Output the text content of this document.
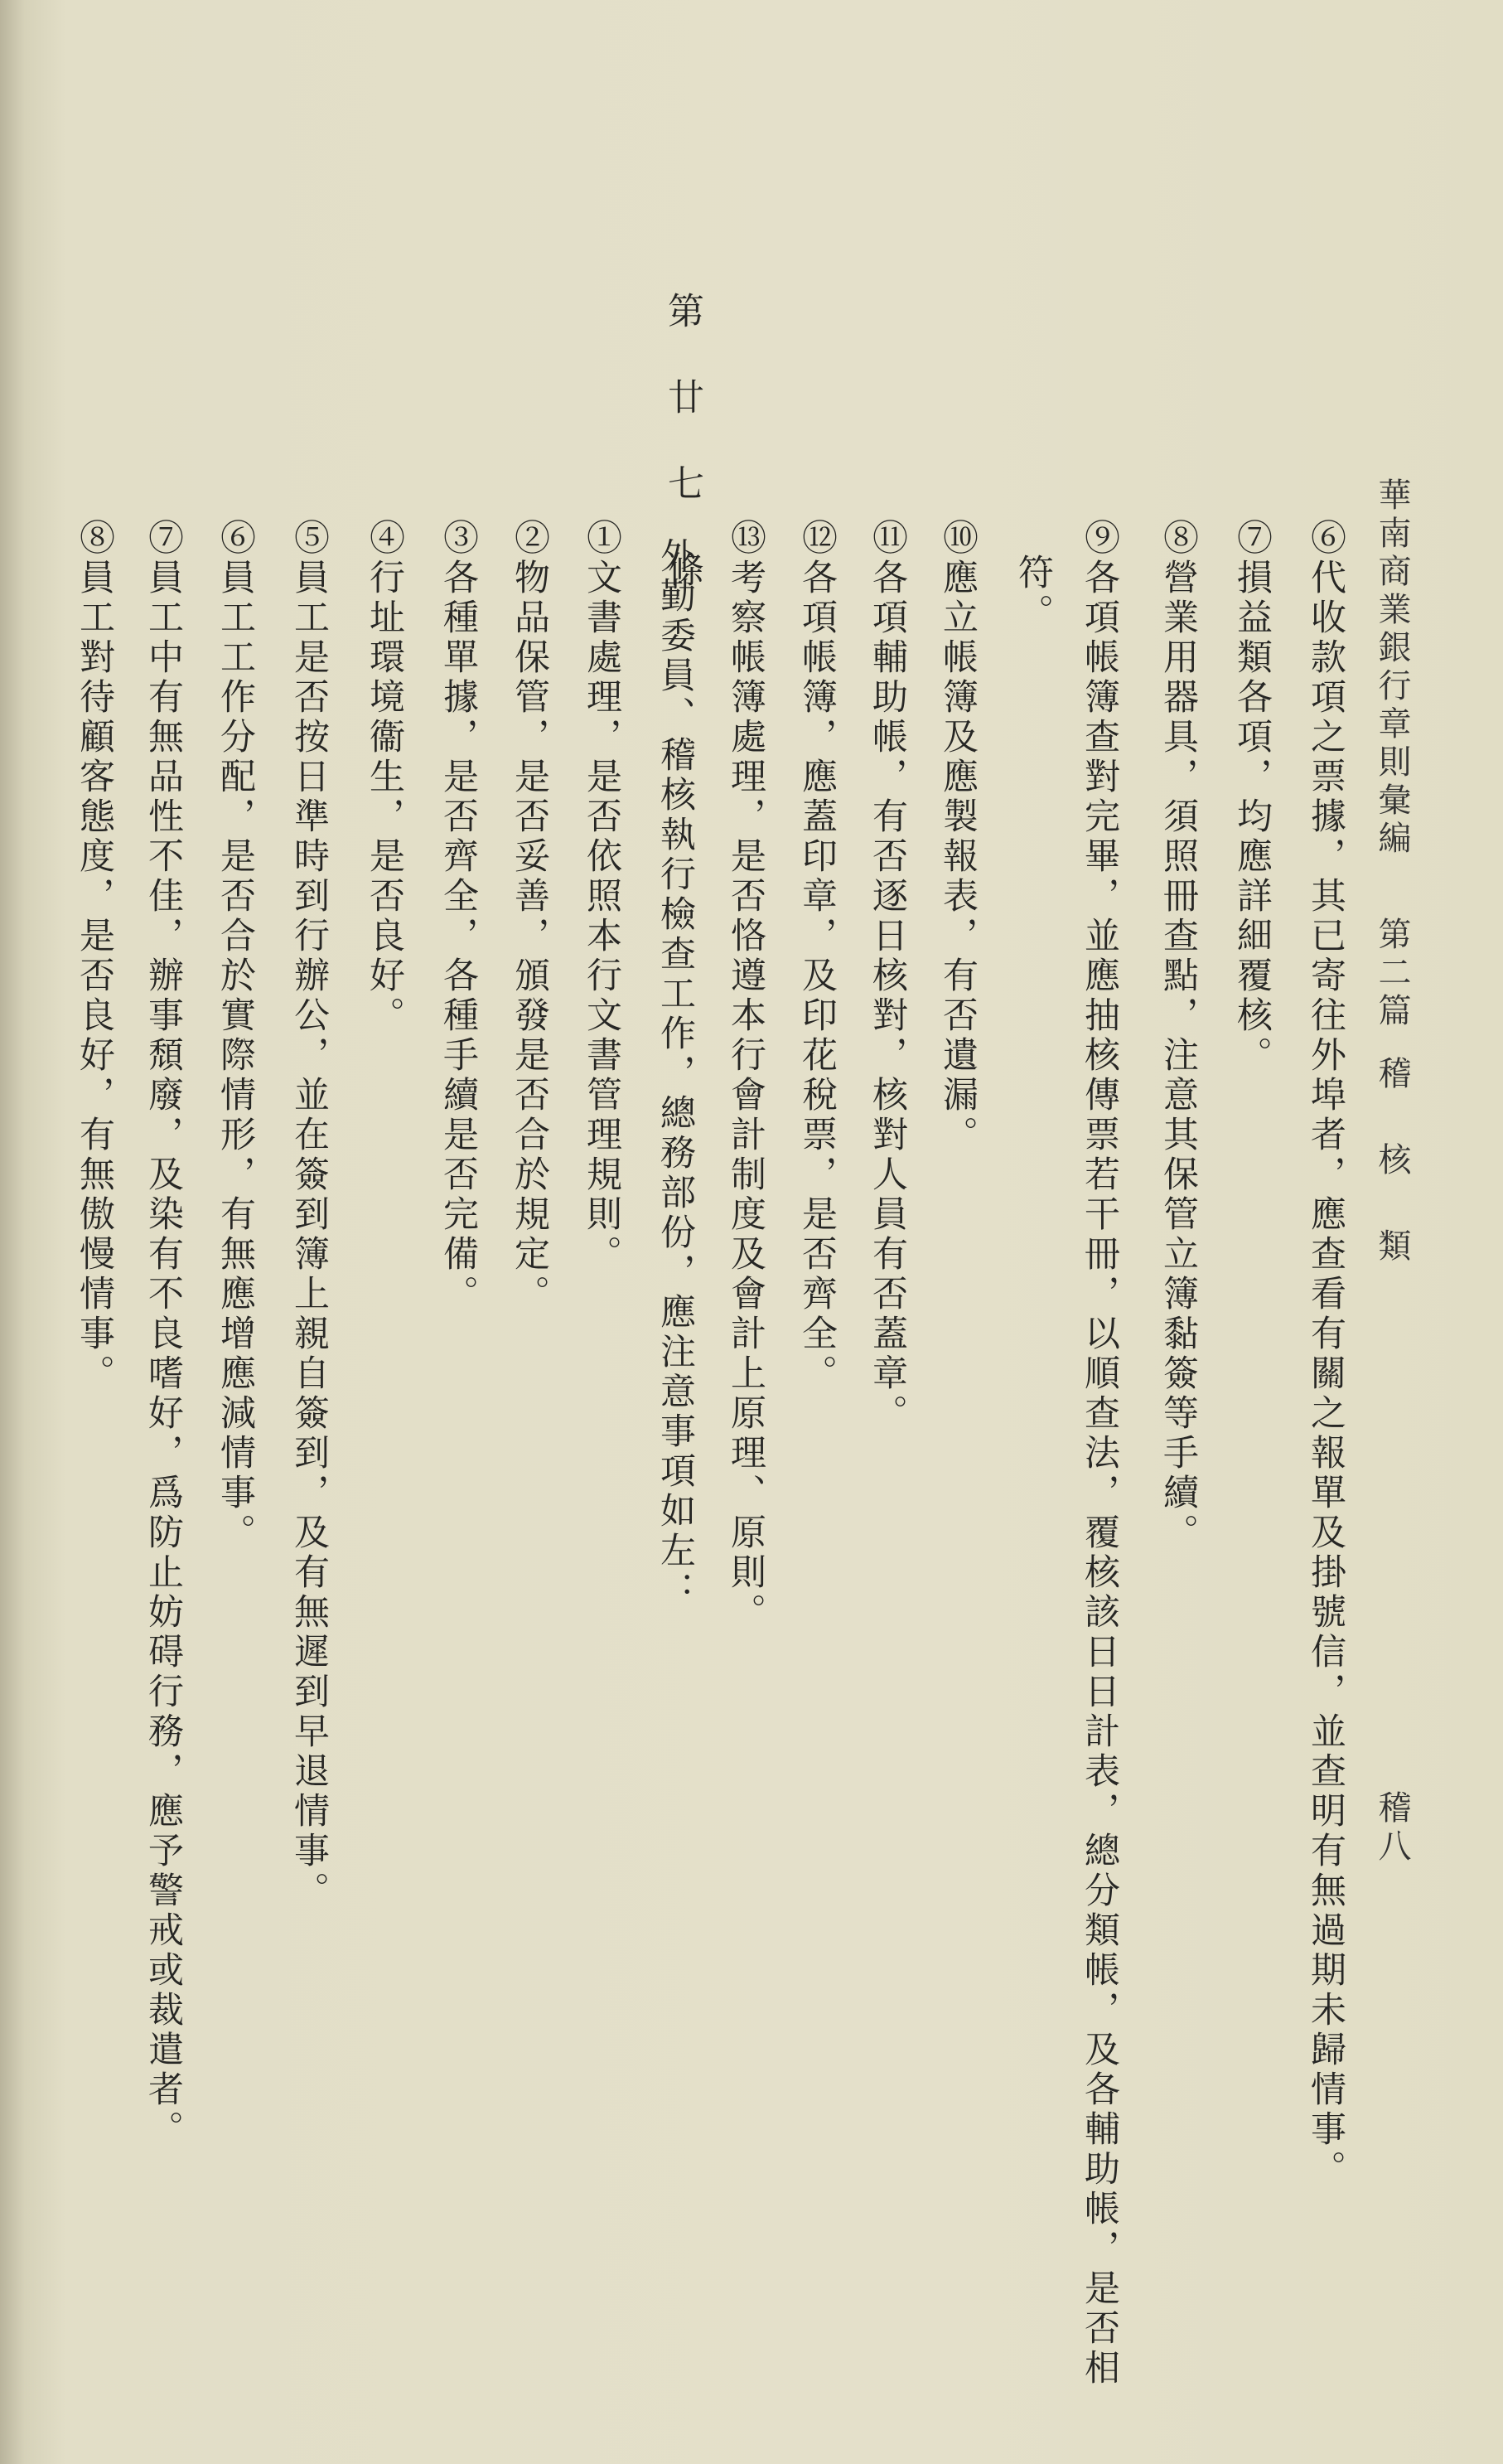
華南商業銀行章則彙編第二篇稽核類
稽八
⑥代收款項之票據，其已寄往外埠者，應查看有關之報單及掛號信，並查明有無過期未歸情事。
⑦損益類各項，均應詳細覆核。
⑧營業用器具，須照冊查點，注意其保管立簿黏簽等手續。
⑨各項帳簿查對完畢，並應抽核傳票若干冊，以順查法，覆核該日日計表，總分類帳，及各輔助帳，是否相
符。
⑩應立帳簿及應製報表，有否遺漏。
⑪各項輔助帳，有否逐日核對，核對人員有否蓋章。
⑫各項帳簿，應蓋印章，及印花稅票，是否齊全。
⑬考察帳簿處理，是否恪遵本行會計制度及會計上原理、原則。
第廿七條
外勤委員、稽核執行檢查工作，總務部份，應注意事項如左：
①文書處理，是否依照本行文書管理規則。
②物品保管，是否妥善，頒發是否合於規定。
③各種單據，是否齊全，各種手續是否完備。
④行址環境衞生，是否良好。
⑤員工是否按日準時到行辦公，並在簽到簿上親自簽到，及有無遲到早退情事。
⑥員工工作分配，是否合於實際情形，有無應增應減情事。
⑦員工中有無品性不佳，辦事頹廢，及染有不良嗜好，爲防止妨碍行務，應予警戒或裁遣者。
⑧員工對待顧客態度，是否良好，有無傲慢情事。
